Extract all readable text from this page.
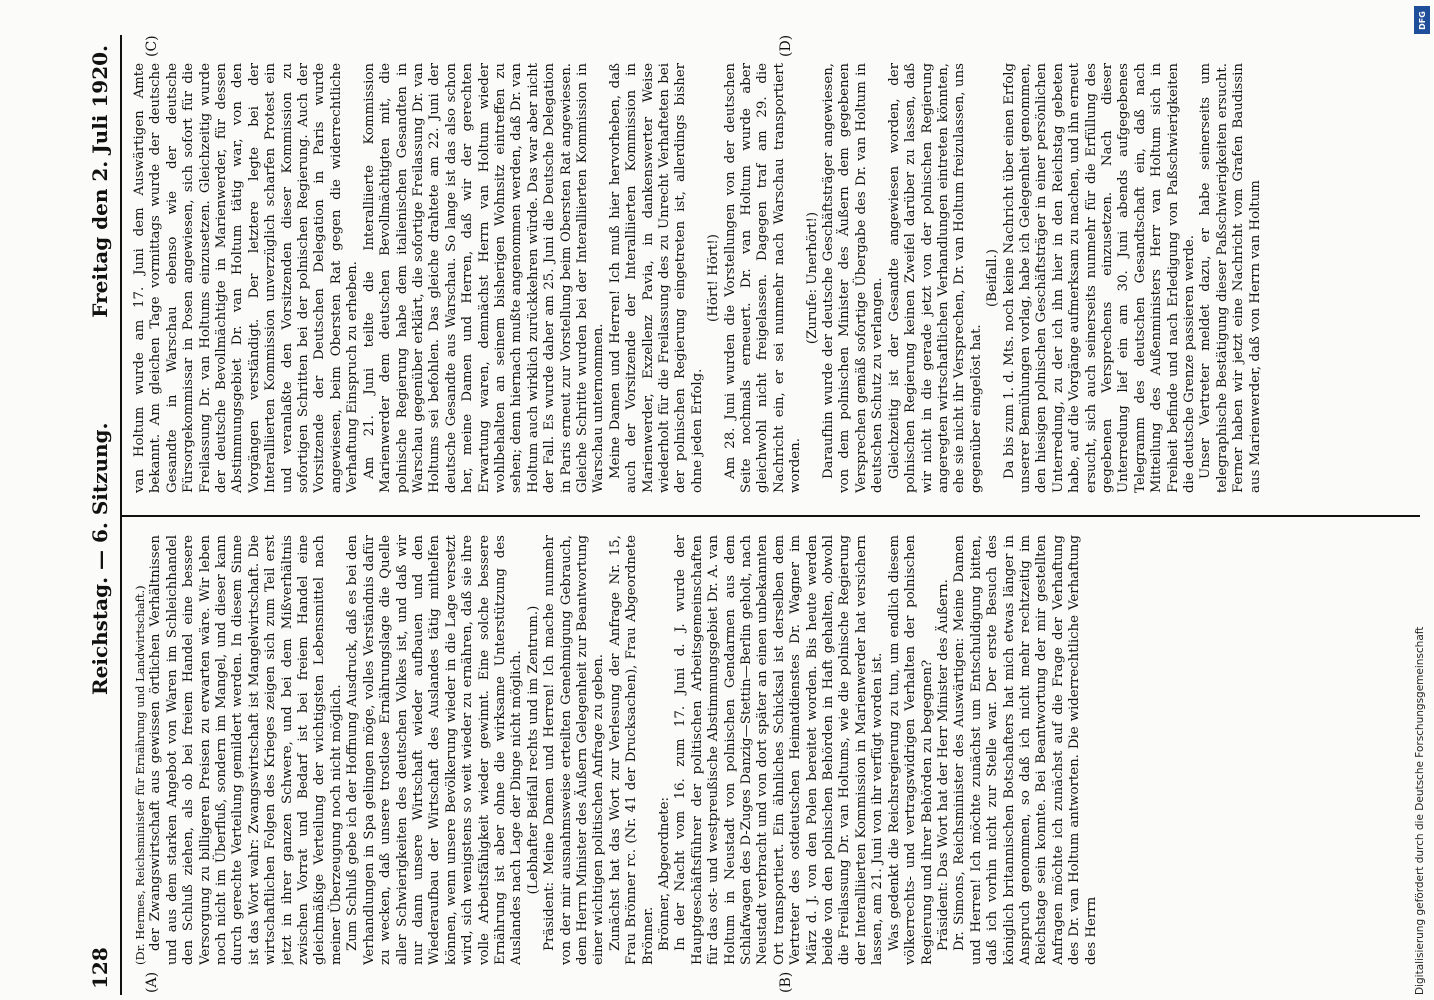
128
Reichstag. — 6. Sitzung.
Freitag den 2. Juli 1920.
(A)	(B)
(C)	(D)

(Dr. Hermes, Reichsminister für Ernährung und Landwirtschaft.) der Zwangswirtschaft aus gewissen örtlichen Verhältnissen und aus dem starken Angebot von Waren im Schleichhandel den Schluß ziehen, als ob bei freiem Handel eine bessere Versorgung zu billigeren Preisen zu erwarten wäre. Wir leben noch nicht im Überfluß, sondern im Mangel, und dieser kann durch gerechte Verteilung gemildert werden. In diesem Sinne ist das Wort wahr: Zwangswirtschaft ist Mangelwirtschaft. Die wirtschaftlichen Folgen des Krieges zeigen sich zum Teil erst jetzt in ihrer ganzen Schwere, und bei dem Mißverhältnis zwischen Vorrat und Bedarf ist bei freiem Handel eine gleichmäßige Verteilung der wichtigsten Lebensmittel nach meiner Überzeugung noch nicht möglich. Zum Schluß gebe ich der Hoffnung Ausdruck, daß es bei den Verhandlungen in Spa gelingen möge, volles Verständnis dafür zu wecken, daß unsere trostlose Ernährungslage die Quelle aller Schwierigkeiten des deutschen Volkes ist, und daß wir nur dann unsere Wirtschaft wieder aufbauen und den Wiederaufbau der Wirtschaft des Auslandes tätig mithelfen können, wenn unsere Bevölkerung wieder in die Lage versetzt wird, sich wenigstens so weit wieder zu ernähren, daß sie ihre volle Arbeitsfähigkeit wieder gewinnt. Eine solche bessere Ernährung ist aber ohne die wirksame Unterstützung des Auslandes nach Lage der Dinge nicht möglich. (Lebhafter Beifall rechts und im Zentrum.) Präsident: Meine Damen und Herren! Ich mache nunmehr von der mir ausnahmsweise erteilten Genehmigung Gebrauch, dem Herrn Minister des Äußern Gelegenheit zur Beantwortung einer wichtigen politischen Anfrage zu geben. Zunächst hat das Wort zur Verlesung der Anfrage Nr. 15, Frau Brönner rc. (Nr. 41 der Drucksachen), Frau Abgeordnete Brönner. Brönner, Abgeordnete: In der Nacht vom 16. zum 17. Juni d. J. wurde der Hauptgeschäftsführer der politischen Arbeitsgemeinschaften für das ost- und westpreußische Abstimmungsgebiet Dr. A. van Holtum in Neustadt von polnischen Gendarmen aus dem Schlafwagen des D-Zuges Danzig—Stettin—Berlin geholt, nach Neustadt verbracht und von dort später an einen unbekannten Ort transportiert. Ein ähnliches Schicksal ist derselben dem Vertreter des ostdeutschen Heimatdienstes Dr. Wagner im März d. J. von den Polen bereitet worden. Bis heute werden beide von den polnischen Behörden in Haft gehalten, obwohl die Freilassung Dr. van Holtums, wie die polnische Regierung der Interalliierten Kommission in Marienwerder hat versichern lassen, am 21. Juni von ihr verfügt worden ist. Was gedenkt die Reichsregierung zu tun, um endlich diesem völkerrechts- und vertragswidrigen Verhalten der polnischen Regierung und ihrer Behörden zu begegnen? Präsident: Das Wort hat der Herr Minister des Äußern. Dr. Simons, Reichsminister des Auswärtigen: Meine Damen und Herren! Ich möchte zunächst um Entschuldigung bitten, daß ich vorhin nicht zur Stelle war. Der erste Besuch des königlich britannischen Botschafters hat mich etwas länger in Anspruch genommen, so daß ich nicht mehr rechtzeitig im Reichstage sein konnte. Bei Beantwortung der mir gestellten Anfragen möchte ich zunächst auf die Frage der Verhaftung des Dr. van Holtum antworten. Die widerrechtliche Verhaftung des Herrn

van Holtum wurde am 17. Juni dem Auswärtigen Amte bekannt. Am gleichen Tage vormittags wurde der deutsche Gesandte in Warschau ebenso wie der deutsche Fürsorgekommissar in Posen angewiesen, sich sofort für die Freilassung Dr. van Holtums einzusetzen. Gleichzeitig wurde der deutsche Bevollmächtigte in Marienwerder, für dessen Abstimmungsgebiet Dr. van Holtum tätig war, von den Vorgängen verständigt. Der letztere legte bei der Interalliierten Kommission unverzüglich scharfen Protest ein und veranlaßte den Vorsitzenden dieser Kommission zu sofortigen Schritten bei der polnischen Regierung. Auch der Vorsitzende der Deutschen Delegation in Paris wurde angewiesen, beim Obersten Rat gegen die widerrechtliche Verhaftung Einspruch zu erheben. Am 21. Juni teilte die Interalliierte Kommission Marienwerder dem deutschen Bevollmächtigten mit, die polnische Regierung habe dem italienischen Gesandten in Warschau gegenüber erklärt, die sofortige Freilassung Dr. van Holtums sei befohlen. Das gleiche drahtete am 22. Juni der deutsche Gesandte aus Warschau. So lange ist das also schon her, meine Damen und Herren, daß wir der gerechten Erwartung waren, demnächst Herrn van Holtum wieder wohlbehalten an seinem bisherigen Wohnsitz eintreffen zu sehen; denn hiernach mußte angenommen werden, daß Dr. van Holtum auch wirklich zurückkehren würde. Das war aber nicht der Fall. Es wurde daher am 25. Juni die Deutsche Delegation in Paris erneut zur Vorstellung beim Obersten Rat angewiesen. Gleiche Schritte wurden bei der Interalliierten Kommission in Warschau unternommen. Meine Damen und Herren! Ich muß hier hervorheben, daß auch der Vorsitzende der Interalliierten Kommission in Marienwerder, Exzellenz Pavia, in dankenswerter Weise wiederholt für die Freilassung des zu Unrecht Verhafteten bei der polnischen Regierung eingetreten ist, allerdings bisher ohne jeden Erfolg.

(Hört! Hört!) Am 28. Juni wurden die Vorstellungen von der deutschen Seite nochmals erneuert. Dr. van Holtum wurde aber gleichwohl nicht freigelassen. Dagegen traf am 29. die Nachricht ein, er sei nunmehr nach Warschau transportiert worden.

(Zurufe: Unerhört!) Daraufhin wurde der deutsche Geschäftsträger angewiesen, von dem polnischen Minister des Äußern dem gegebenen Versprechen gemäß sofortige Übergabe des Dr. van Holtum in deutschen Schutz zu verlangen. Gleichzeitig ist der Gesandte angewiesen worden, der polnischen Regierung keinen Zweifel darüber zu lassen, daß wir nicht in die gerade jetzt von der polnischen Regierung angeregten wirtschaftlichen Verhandlungen eintreten könnten, ehe sie nicht ihr Versprechen, Dr. van Holtum freizulassen, uns gegenüber eingelöst hat.

(Beifall.) Da bis zum 1. d. Mts. noch keine Nachricht über einen Erfolg unserer Bemühungen vorlag, habe ich Gelegenheit genommen, den hiesigen polnischen Geschäftsträger in einer persönlichen Unterredung, zu der ich ihn hier in den Reichstag gebeten habe, auf die Vorgänge aufmerksam zu machen, und ihn erneut ersucht, sich auch seinerseits nunmehr für die Erfüllung des gegebenen Versprechens einzusetzen. Nach dieser Unterredung lief ein am 30. Juni abends aufgegebenes Telegramm des deutschen Gesandtschaft ein, daß nach Mitteilung des Außenministers Herr van Holtum sich in Freiheit befinde und nach Erledigung von Paßschwierigkeiten die deutsche Grenze passieren werde. Unser Vertreter meldet dazu, er habe seinerseits um telegraphische Bestätigung dieser Paßschwierigkeiten ersucht. Ferner haben wir jetzt eine Nachricht vom Grafen Baudissin aus Marienwerder, daß von Herrn van Holtum

DFG
Digitalisierung gefördert durch die Deutsche Forschungsgemeinschaft
